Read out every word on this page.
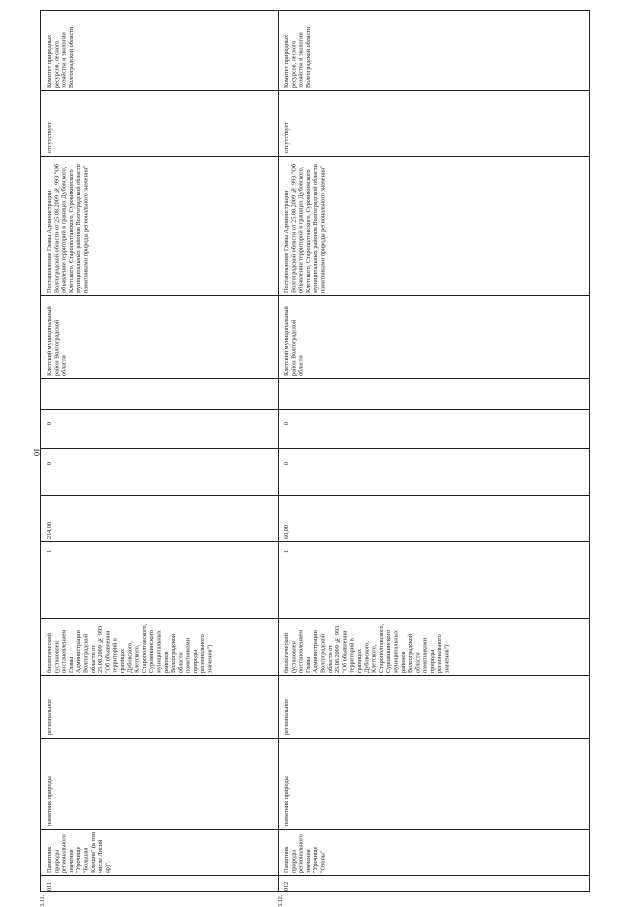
10
Комитет природных ресурсов, лесного хозяйства и экологии Волгоградской области
отсутствует
Постановление Главы Администрации Волгоградской области от 25.08.2009 № 993 "Об объявлении территорий в границах Дубовского, Клетского, Старополтавского, Суровикинского муниципальных районов Волгоградской области памятниками природы регионального значения"
Клетский муниципальный район Волгоградской области
0
0
214,00
1
биологический (установлен постановлением Главы Администрации Волгоградской области от 25.08.2009 № 993 "Об объявлении территорий в границах Дубовского, Клетского, Старополтавского, Суровикинского муниципальных районов Волгоградской области памятниками природы регионального значения")
региональное
памятник природы
Памятник природы регионального значения "Урочище "Большая Клешня" (в том числе Лисий яр)".
011
Комитет природных ресурсов, лесного хозяйства и экологии Волгоградской области
отсутствует
Постановление Главы Администрации Волгоградской области от 25.08.2009 № 993 "Об объявлении территорий в границах Дубовского, Клетского, Старополтавского, Суровикинского муниципальных районов Волгоградской области памятниками природы регионального значения"
Клетский муниципальный район Волгоградской области
0
0
60,00
1
биологический (установлен постановлением Главы Администрации Волгоградской области от 25.08.2009 № 993 "Об объявлении территорий в границах Дубовского, Клетского, Старополтавского, Суровикинского муниципальных районов Волгоградской области памятниками природы регионального значения")
региональное
памятник природы
Памятник природы регионального значения "Урочище "Озоны"
012
3.11.	3.12.
